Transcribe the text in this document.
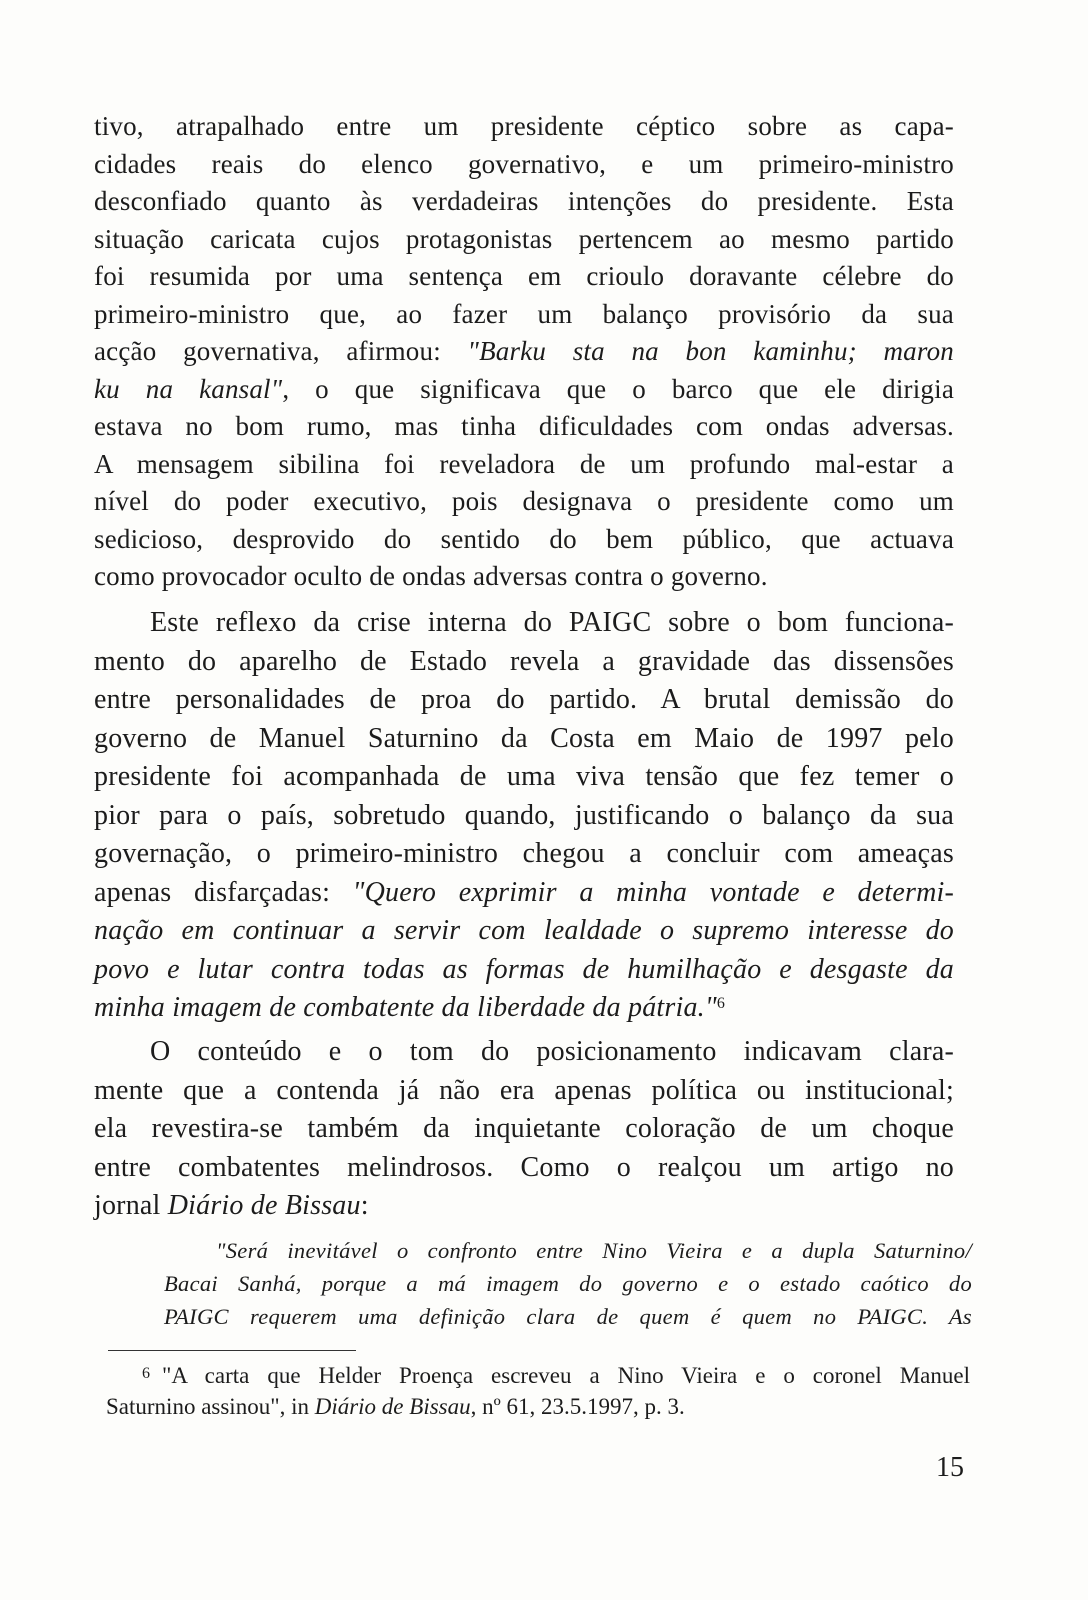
tivo, atrapalhado entre um presidente céptico sobre as capa-
cidades reais do elenco governativo, e um primeiro-ministro
desconfiado quanto às verdadeiras intenções do presidente. Esta
situação caricata cujos protagonistas pertencem ao mesmo partido
foi resumida por uma sentença em crioulo doravante célebre do
primeiro-ministro que, ao fazer um balanço provisório da sua
acção governativa, afirmou: "Barku sta na bon kaminhu; maron
ku na kansal", o que significava que o barco que ele dirigia
estava no bom rumo, mas tinha dificuldades com ondas adversas.
A mensagem sibilina foi reveladora de um profundo mal-estar a
nível do poder executivo, pois designava o presidente como um
sedicioso, desprovido do sentido do bem público, que actuava
como provocador oculto de ondas adversas contra o governo.
Este reflexo da crise interna do PAIGC sobre o bom funciona-
mento do aparelho de Estado revela a gravidade das dissensões
entre personalidades de proa do partido. A brutal demissão do
governo de Manuel Saturnino da Costa em Maio de 1997 pelo
presidente foi acompanhada de uma viva tensão que fez temer o
pior para o país, sobretudo quando, justificando o balanço da sua
governação, o primeiro-ministro chegou a concluir com ameaças
apenas disfarçadas: "Quero exprimir a minha vontade e determi-
nação em continuar a servir com lealdade o supremo interesse do
povo e lutar contra todas as formas de humilhação e desgaste da
minha imagem de combatente da liberdade da pátria."$^6$
O conteúdo e o tom do posicionamento indicavam clara-
mente que a contenda já não era apenas política ou institucional;
ela revestira-se também da inquietante coloração de um choque
entre combatentes melindrosos. Como o realçou um artigo no
jornal Diário de Bissau:
"Será inevitável o confronto entre Nino Vieira e a dupla Saturnino/
Bacai Sanhá, porque a má imagem do governo e o estado caótico do
PAIGC requerem uma definição clara de quem é quem no PAIGC. As
$^6$ "A carta que Helder Proença escreveu a Nino Vieira e o coronel Manuel
Saturnino assinou", in Diário de Bissau, nº 61, 23.5.1997, p. 3.
15
